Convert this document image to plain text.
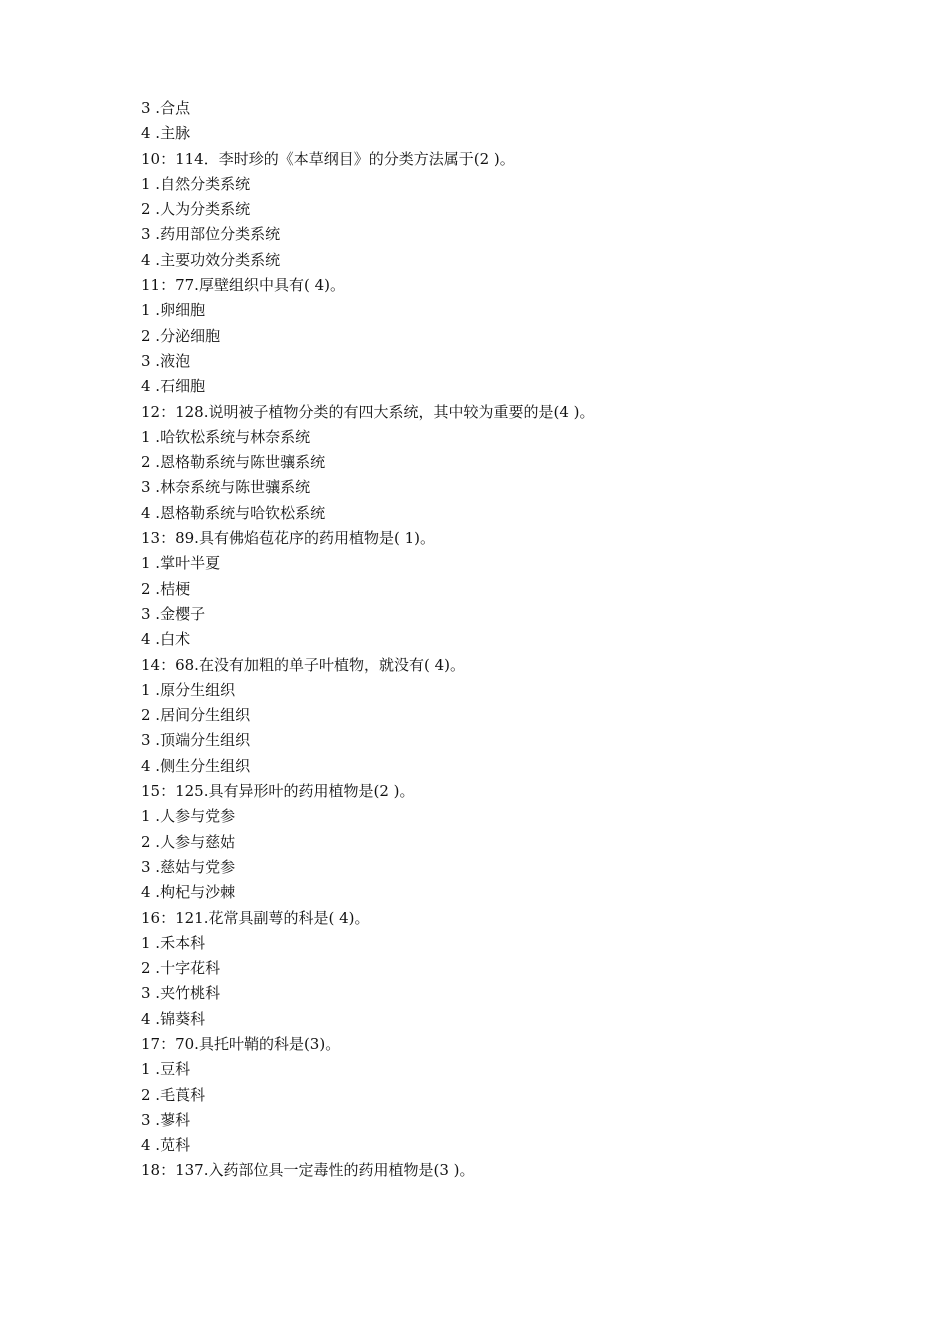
3 .合点
4 .主脉
10：114．李时珍的《本草纲目》的分类方法属于(2 )。
1 .自然分类系统
2 .人为分类系统
3 .药用部位分类系统
4 .主要功效分类系统
11：77.厚壁组织中具有( 4)。
1 .卵细胞
2 .分泌细胞
3 .液泡
4 .石细胞
12：128.说明被子植物分类的有四大系统，其中较为重要的是(4 )。
1 .哈钦松系统与林奈系统
2 .恩格勒系统与陈世骧系统
3 .林奈系统与陈世骧系统
4 .恩格勒系统与哈钦松系统
13：89.具有佛焰苞花序的药用植物是( 1)。
1 .掌叶半夏
2 .桔梗
3 .金樱子
4 .白术
14：68.在没有加粗的单子叶植物，就没有( 4)。
1 .原分生组织
2 .居间分生组织
3 .顶端分生组织
4 .侧生分生组织
15：125.具有异形叶的药用植物是(2 )。
1 .人参与党参
2 .人参与慈姑
3 .慈姑与党参
4 .枸杞与沙棘
16：121.花常具副萼的科是( 4)。
1 .禾本科
2 .十字花科
3 .夹竹桃科
4 .锦葵科
17：70.具托叶鞘的科是(3)。
1 .豆科
2 .毛莨科
3 .蓼科
4 .苋科
18：137.入药部位具一定毒性的药用植物是(3 )。
